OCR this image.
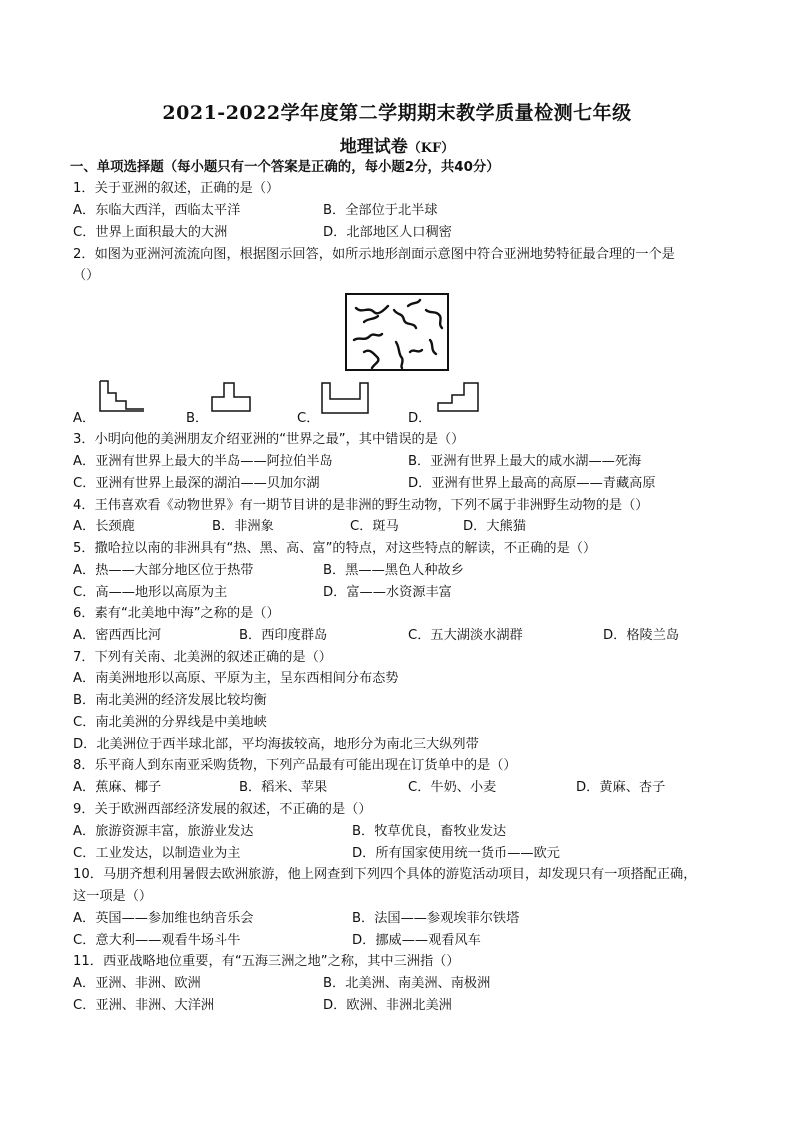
2021-2022学年度第二学期期末教学质量检测七年级
地理试卷（KF）
一、单项选择题（每小题只有一个答案是正确的，每小题2分，共40分）
1．关于亚洲的叙述，正确的是（）
A．东临大西洋，西临太平洋	B．全部位于北半球
C．世界上面积最大的大洲	D．北部地区人口稠密
2．如图为亚洲河流流向图，根据图示回答，如所示地形剖面示意图中符合亚洲地势特征最合理的一个是
（）
A．	B．	C．	D．
3．小明向他的美洲朋友介绍亚洲的“世界之最”，其中错误的是（）
A．亚洲有世界上最大的半岛——阿拉伯半岛	B．亚洲有世界上最大的咸水湖——死海
C．亚洲有世界上最深的湖泊——贝加尔湖	D．亚洲有世界上最高的高原——青藏高原
4．王伟喜欢看《动物世界》有一期节目讲的是非洲的野生动物，下列不属于非洲野生动物的是（）
A．长颈鹿	B．非洲象	C．斑马	D．大熊猫
5．撒哈拉以南的非洲具有“热、黑、高、富”的特点，对这些特点的解读，不正确的是（）
A．热——大部分地区位于热带	B．黑——黑色人种故乡
C．高——地形以高原为主	D．富——水资源丰富
6．素有“北美地中海”之称的是（）
A．密西西比河	B．西印度群岛	C．五大湖淡水湖群	D．格陵兰岛
7．下列有关南、北美洲的叙述正确的是（）
A．南美洲地形以高原、平原为主，呈东西相间分布态势
B．南北美洲的经济发展比较均衡
C．南北美洲的分界线是中美地峡
D．北美洲位于西半球北部，平均海拔较高，地形分为南北三大纵列带
8．乐平商人到东南亚采购货物，下列产品最有可能出现在订货单中的是（）
A．蕉麻、椰子	B．稻米、苹果	C．牛奶、小麦	D．黄麻、杏子
9．关于欧洲西部经济发展的叙述，不正确的是（）
A．旅游资源丰富，旅游业发达	B．牧草优良，畜牧业发达
C．工业发达，以制造业为主	D．所有国家使用统一货币——欧元
10．马朋齐想利用暑假去欧洲旅游，他上网查到下列四个具体的游览活动项目，却发现只有一项搭配正确，
这一项是（）
A．英国——参加维也纳音乐会	B．法国——参观埃菲尔铁塔
C．意大利——观看牛场斗牛	D．挪威——观看风车
11．西亚战略地位重要，有“五海三洲之地”之称，其中三洲指（）
A．亚洲、非洲、欧洲	B．北美洲、南美洲、南极洲
C．亚洲、非洲、大洋洲	D．欧洲、非洲北美洲
